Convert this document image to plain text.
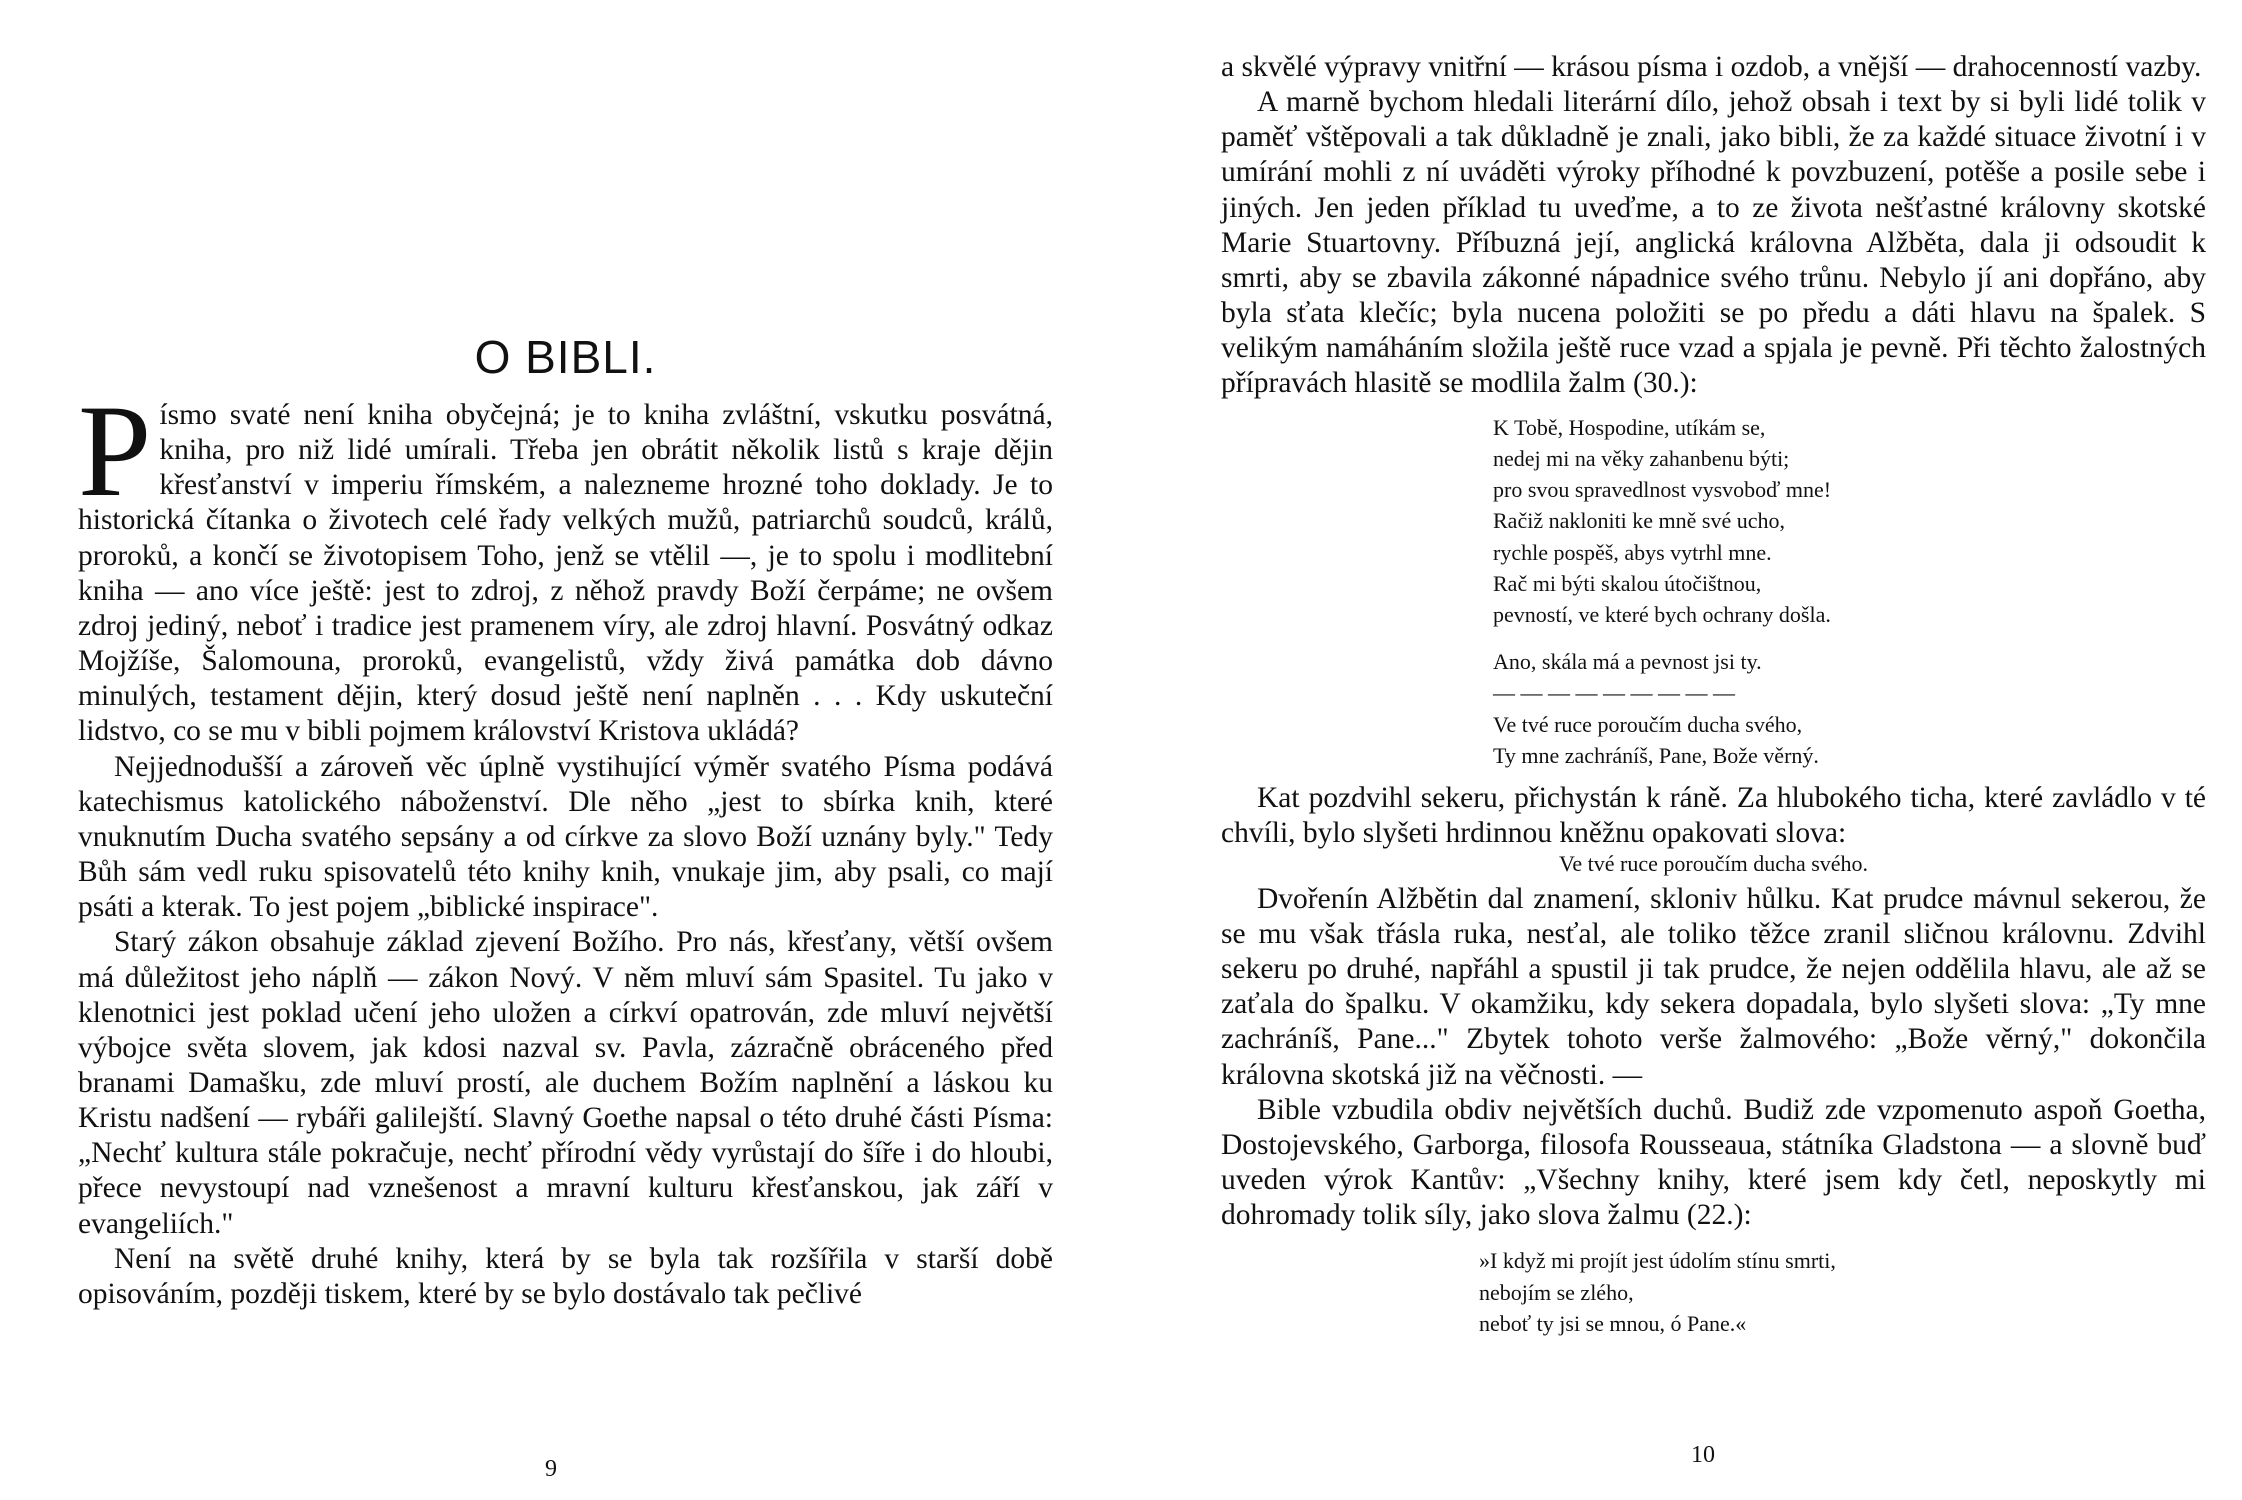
O BIBLI.

Písmo svaté není kniha obyčejná; je to kniha zvláštní, vskutku posvátná, kniha, pro niž lidé umírali. Třeba jen obrátit několik listů s kraje dějin křesťanství v imperiu římském, a nalezneme hrozné toho doklady. Je to historická čítanka o životech celé řady velkých mužů, patriarchů soudců, králů, proroků, a končí se životopisem Toho, jenž se vtělil —, je to spolu i modlitební kniha — ano více ještě: jest to zdroj, z něhož pravdy Boží čerpáme; ne ovšem zdroj jediný, neboť i tradice jest pramenem víry, ale zdroj hlavní. Posvátný odkaz Mojžíše, Šalomouna, proroků, evangelistů, vždy živá památka dob dávno minulých, testament dějin, který dosud ještě není naplněn . . . Kdy uskuteční lidstvo, co se mu v bibli pojmem království Kristova ukládá?

Nejjednodušší a zároveň věc úplně vystihující výměr svatého Písma podává katechismus katolického náboženství. Dle něho „jest to sbírka knih, které vnuknutím Ducha svatého sepsány a od církve za slovo Boží uznány byly." Tedy Bůh sám vedl ruku spisovatelů této knihy knih, vnukaje jim, aby psali, co mají psáti a kterak. To jest pojem „biblické inspirace".

Starý zákon obsahuje základ zjevení Božího. Pro nás, křesťany, větší ovšem má důležitost jeho náplň — zákon Nový. V něm mluví sám Spasitel. Tu jako v klenotnici jest poklad učení jeho uložen a církví opatrován, zde mluví největší výbojce světa slovem, jak kdosi nazval sv. Pavla, zázračně obráceného před branami Damašku, zde mluví prostí, ale duchem Božím naplnění a láskou ku Kristu nadšení — rybáři galilejští. Slavný Goethe napsal o této druhé části Písma: „Nechť kultura stále pokračuje, nechť přírodní vědy vyrůstají do šíře i do hloubi, přece nevystoupí nad vznešenost a mravní kulturu křesťanskou, jak září v evangeliích."

Není na světě druhé knihy, která by se byla tak rozšířila v starší době opisováním, později tiskem, které by se bylo dostávalo tak pečlivé

9

a skvělé výpravy vnitřní — krásou písma i ozdob, a vnější — drahocenností vazby.

A marně bychom hledali literární dílo, jehož obsah i text by si byli lidé tolik v paměť vštěpovali a tak důkladně je znali, jako bibli, že za každé situace životní i v umírání mohli z ní uváděti výroky příhodné k povzbuzení, potěše a posile sebe i jiných. Jen jeden příklad tu uveďme, a to ze života nešťastné královny skotské Marie Stuartovny. Příbuzná její, anglická královna Alžběta, dala ji odsoudit k smrti, aby se zbavila zákonné nápadnice svého trůnu. Nebylo jí ani dopřáno, aby byla sťata klečíc; byla nucena položiti se po předu a dáti hlavu na špalek. S velikým namáháním složila ještě ruce vzad a spjala je pevně. Při těchto žalostných přípravách hlasitě se modlila žalm (30.):

K Tobě, Hospodine, utíkám se,
nedej mi na věky zahanbenu býti;
pro svou spravedlnost vysvoboď mne!
Račiž nakloniti ke mně své ucho,
rychle pospěš, abys vytrhl mne.
Rač mi býti skalou útočištnou,
pevností, ve které bych ochrany došla.
Ano, skála má a pevnost jsi ty.
— — — — — — — — —
Ve tvé ruce poroučím ducha svého,
Ty mne zachráníš, Pane, Bože věrný.

Kat pozdvihl sekeru, přichystán k ráně. Za hlubokého ticha, které zavládlo v té chvíli, bylo slyšeti hrdinnou kněžnu opakovati slova:

Ve tvé ruce poroučím ducha svého.

Dvořenín Alžbětin dal znamení, skloniv hůlku. Kat prudce mávnul sekerou, že se mu však třásla ruka, nesťal, ale toliko těžce zranil sličnou královnu. Zdvihl sekeru po druhé, napřáhl a spustil ji tak prudce, že nejen oddělila hlavu, ale až se zaťala do špalku. V okamžiku, kdy sekera dopadala, bylo slyšeti slova: „Ty mne zachráníš, Pane..." Zbytek tohoto verše žalmového: „Bože věrný," dokončila královna skotská již na věčnosti. —

Bible vzbudila obdiv největších duchů. Budiž zde vzpomenuto aspoň Goetha, Dostojevského, Garborga, filosofa Rousseaua, státníka Gladstona — a slovně buď uveden výrok Kantův: „Všechny knihy, které jsem kdy četl, neposkytly mi dohromady tolik síly, jako slova žalmu (22.):

»I když mi projít jest údolím stínu smrti,
nebojím se zlého,
neboť ty jsi se mnou, ó Pane.«
10
